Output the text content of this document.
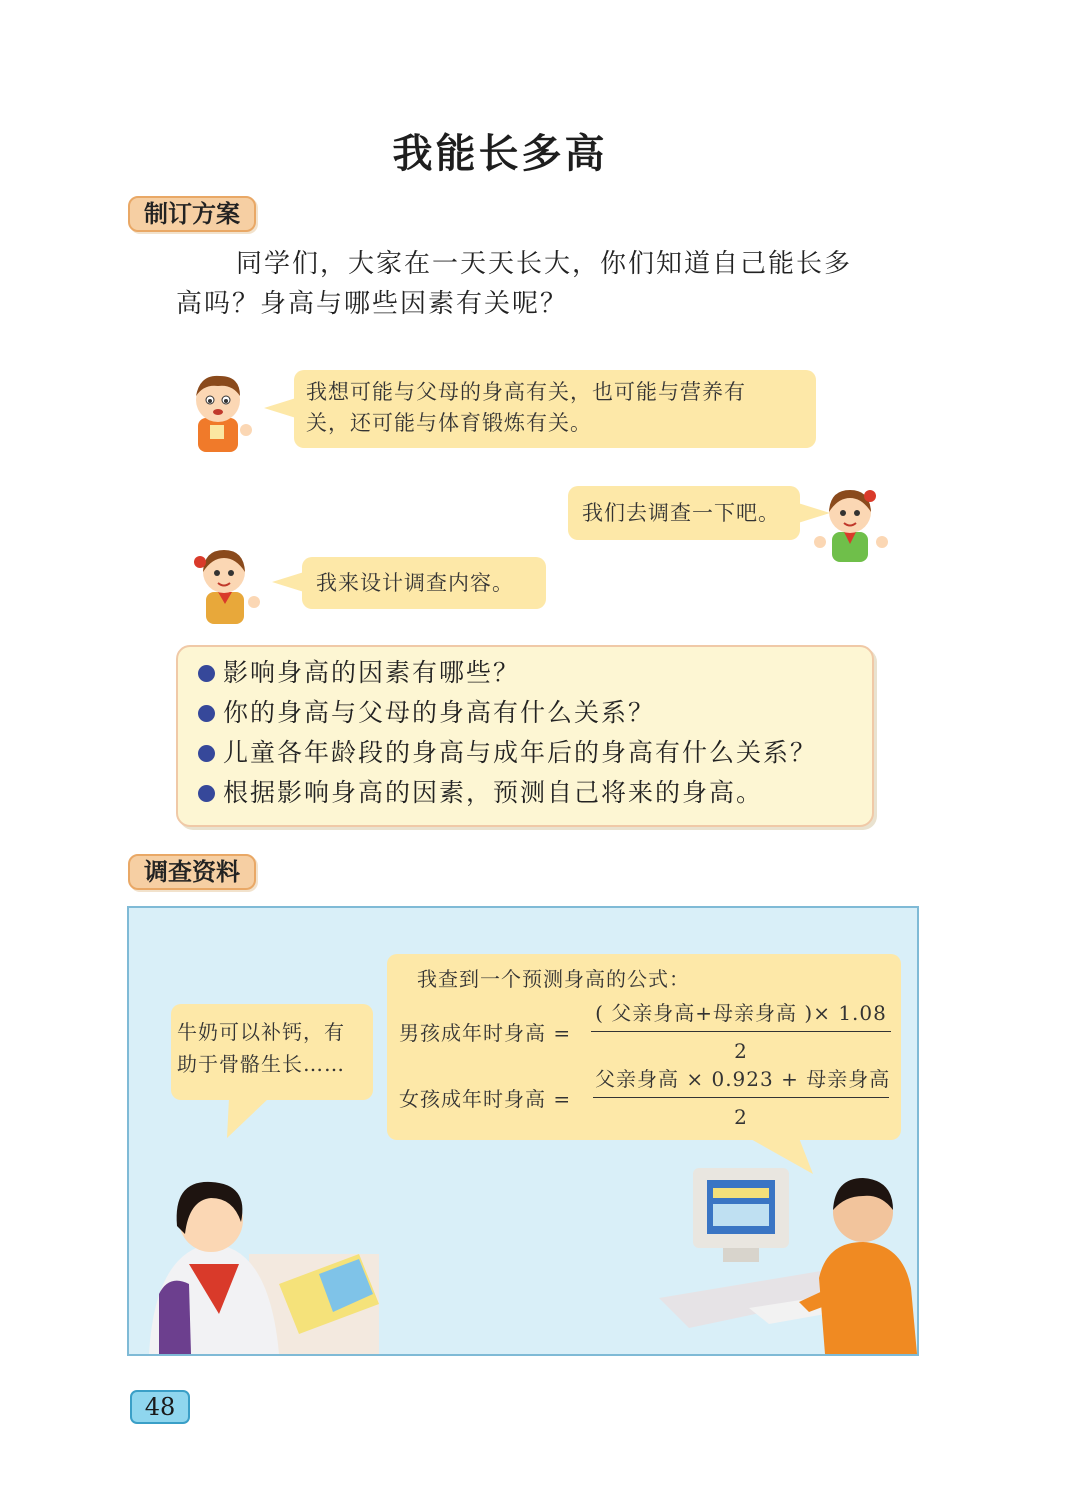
我能长多高
制订方案
同学们，大家在一天天长大，你们知道自己能长多
高吗？身高与哪些因素有关呢？
我想可能与父母的身高有关，也可能与营养有
关，还可能与体育锻炼有关。
我们去调查一下吧。
我来设计调查内容。
影响身高的因素有哪些？
你的身高与父母的身高有什么关系？
儿童各年龄段的身高与成年后的身高有什么关系？
根据影响身高的因素，预测自己将来的身高。
调查资料
牛奶可以补钙，有
助于骨骼生长……
我查到一个预测身高的公式：
男孩成年时身高 =
( 父亲身高+母亲身高 )× 1.08
2
女孩成年时身高 =
父亲身高 × 0.923 + 母亲身高
2
48
